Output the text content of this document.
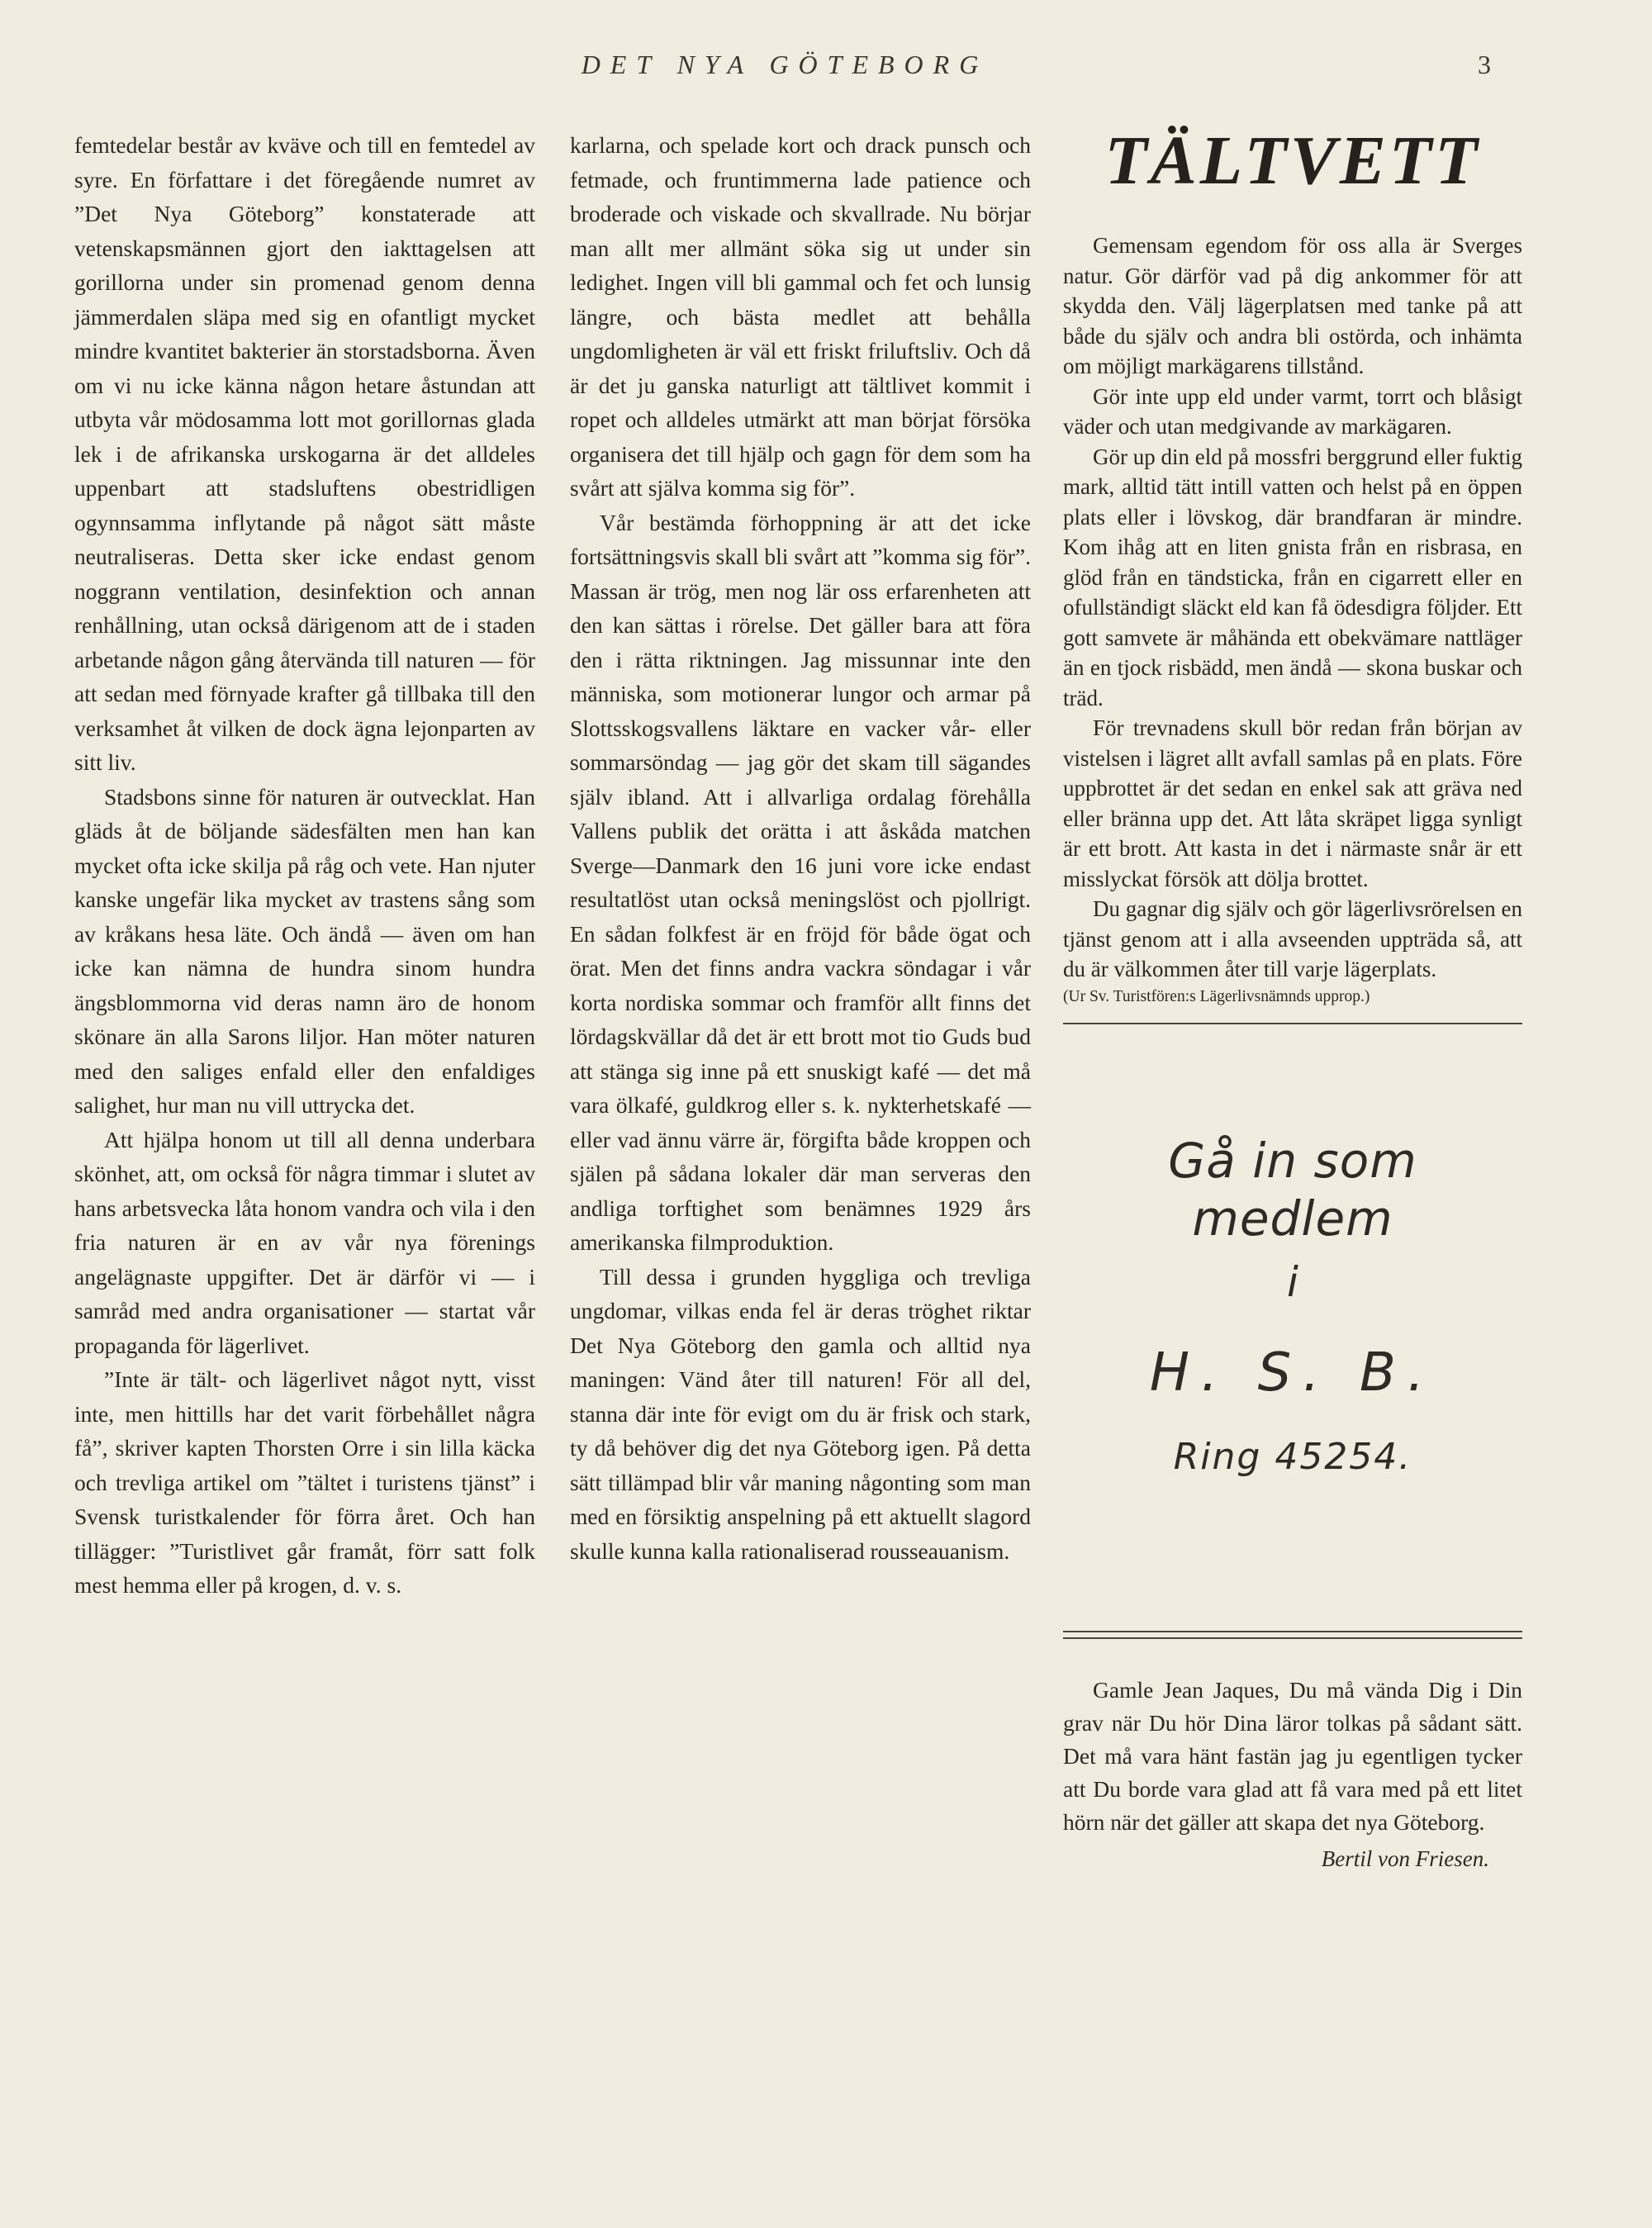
DET NYA GÖTEBORG	3

femtedelar består av kväve och till en femtedel av syre. En författare i det föregående numret av ”Det Nya Göteborg” konstaterade att vetenskapsmännen gjort den iakttagelsen att gorillorna under sin promenad genom denna jämmerdalen släpa med sig en ofantligt mycket mindre kvantitet bakterier än storstadsborna. Även om vi nu icke känna någon hetare åstundan att utbyta vår mödosamma lott mot gorillornas glada lek i de afrikanska urskogarna är det alldeles uppenbart att stadsluftens obestridligen ogynnsamma inflytande på något sätt måste neutraliseras. Detta sker icke endast genom noggrann ventilation, desinfektion och annan renhållning, utan också därigenom att de i staden arbetande någon gång återvända till naturen — för att sedan med förnyade krafter gå tillbaka till den verksamhet åt vilken de dock ägna lejonparten av sitt liv.

Stadsbons sinne för naturen är outvecklat. Han gläds åt de böljande sädesfälten men han kan mycket ofta icke skilja på råg och vete. Han njuter kanske ungefär lika mycket av trastens sång som av kråkans hesa läte. Och ändå — även om han icke kan nämna de hundra sinom hundra ängsblommorna vid deras namn äro de honom skönare än alla Sarons liljor. Han möter naturen med den saliges enfald eller den enfaldiges salighet, hur man nu vill uttrycka det.

Att hjälpa honom ut till all denna underbara skönhet, att, om också för några timmar i slutet av hans arbetsvecka låta honom vandra och vila i den fria naturen är en av vår nya förenings angelägnaste uppgifter. Det är därför vi — i samråd med andra organisationer — startat vår propaganda för lägerlivet.

”Inte är tält- och lägerlivet något nytt, visst inte, men hittills har det varit förbehållet några få”, skriver kapten Thorsten Orre i sin lilla käcka och trevliga artikel om ”tältet i turistens tjänst” i Svensk turistkalender för förra året. Och han tillägger: ”Turistlivet går framåt, förr satt folk mest hemma eller på krogen, d. v. s.

karlarna, och spelade kort och drack punsch och fetmade, och fruntimmerna lade patience och broderade och viskade och skvallrade. Nu börjar man allt mer allmänt söka sig ut under sin ledighet. Ingen vill bli gammal och fet och lunsig längre, och bästa medlet att behålla ungdomligheten är väl ett friskt friluftsliv. Och då är det ju ganska naturligt att tältlivet kommit i ropet och alldeles utmärkt att man börjat försöka organisera det till hjälp och gagn för dem som ha svårt att själva komma sig för”.

Vår bestämda förhoppning är att det icke fortsättningsvis skall bli svårt att ”komma sig för”. Massan är trög, men nog lär oss erfarenheten att den kan sättas i rörelse. Det gäller bara att föra den i rätta riktningen. Jag missunnar inte den människa, som motionerar lungor och armar på Slottsskogsvallens läktare en vacker vår- eller sommarsöndag — jag gör det skam till sägandes själv ibland. Att i allvarliga ordalag förehålla Vallens publik det orätta i att åskåda matchen Sverge—Danmark den 16 juni vore icke endast resultatlöst utan också meningslöst och pjollrigt. En sådan folkfest är en fröjd för både ögat och örat. Men det finns andra vackra söndagar i vår korta nordiska sommar och framför allt finns det lördagskvällar då det är ett brott mot tio Guds bud att stänga sig inne på ett snuskigt kafé — det må vara ölkafé, guldkrog eller s. k. nykterhetskafé — eller vad ännu värre är, förgifta både kroppen och själen på sådana lokaler där man serveras den andliga torftighet som benämnes 1929 års amerikanska filmproduktion.

Till dessa i grunden hyggliga och trevliga ungdomar, vilkas enda fel är deras tröghet riktar Det Nya Göteborg den gamla och alltid nya maningen: Vänd åter till naturen! För all del, stanna där inte för evigt om du är frisk och stark, ty då behöver dig det nya Göteborg igen. På detta sätt tillämpad blir vår maning någonting som man med en försiktig anspelning på ett aktuellt slagord skulle kunna kalla rationaliserad rousseauanism.

TÄLTVETT

Gemensam egendom för oss alla är Sverges natur. Gör därför vad på dig ankommer för att skydda den. Välj lägerplatsen med tanke på att både du själv och andra bli ostörda, och inhämta om möjligt markägarens tillstånd.

Gör inte upp eld under varmt, torrt och blåsigt väder och utan medgivande av markägaren.

Gör up din eld på mossfri berggrund eller fuktig mark, alltid tätt intill vatten och helst på en öppen plats eller i lövskog, där brandfaran är mindre. Kom ihåg att en liten gnista från en risbrasa, en glöd från en tändsticka, från en cigarrett eller en ofullständigt släckt eld kan få ödesdigra följder. Ett gott samvete är måhända ett obekvämare nattläger än en tjock risbädd, men ändå — skona buskar och träd.

För trevnadens skull bör redan från början av vistelsen i lägret allt avfall samlas på en plats. Före uppbrottet är det sedan en enkel sak att gräva ned eller bränna upp det. Att låta skräpet ligga synligt är ett brott. Att kasta in det i närmaste snår är ett misslyckat försök att dölja brottet.

Du gagnar dig själv och gör lägerlivsrörelsen en tjänst genom att i alla avseenden uppträda så, att du är välkommen åter till varje lägerplats.

(Ur Sv. Turistfören:s Lägerlivsnämnds upprop.)

Gå in som medlem
i
H. S. B.
Ring 45254.

Gamle Jean Jaques, Du må vända Dig i Din grav när Du hör Dina läror tolkas på sådant sätt. Det må vara hänt fastän jag ju egentligen tycker att Du borde vara glad att få vara med på ett litet hörn när det gäller att skapa det nya Göteborg.

Bertil von Friesen.
